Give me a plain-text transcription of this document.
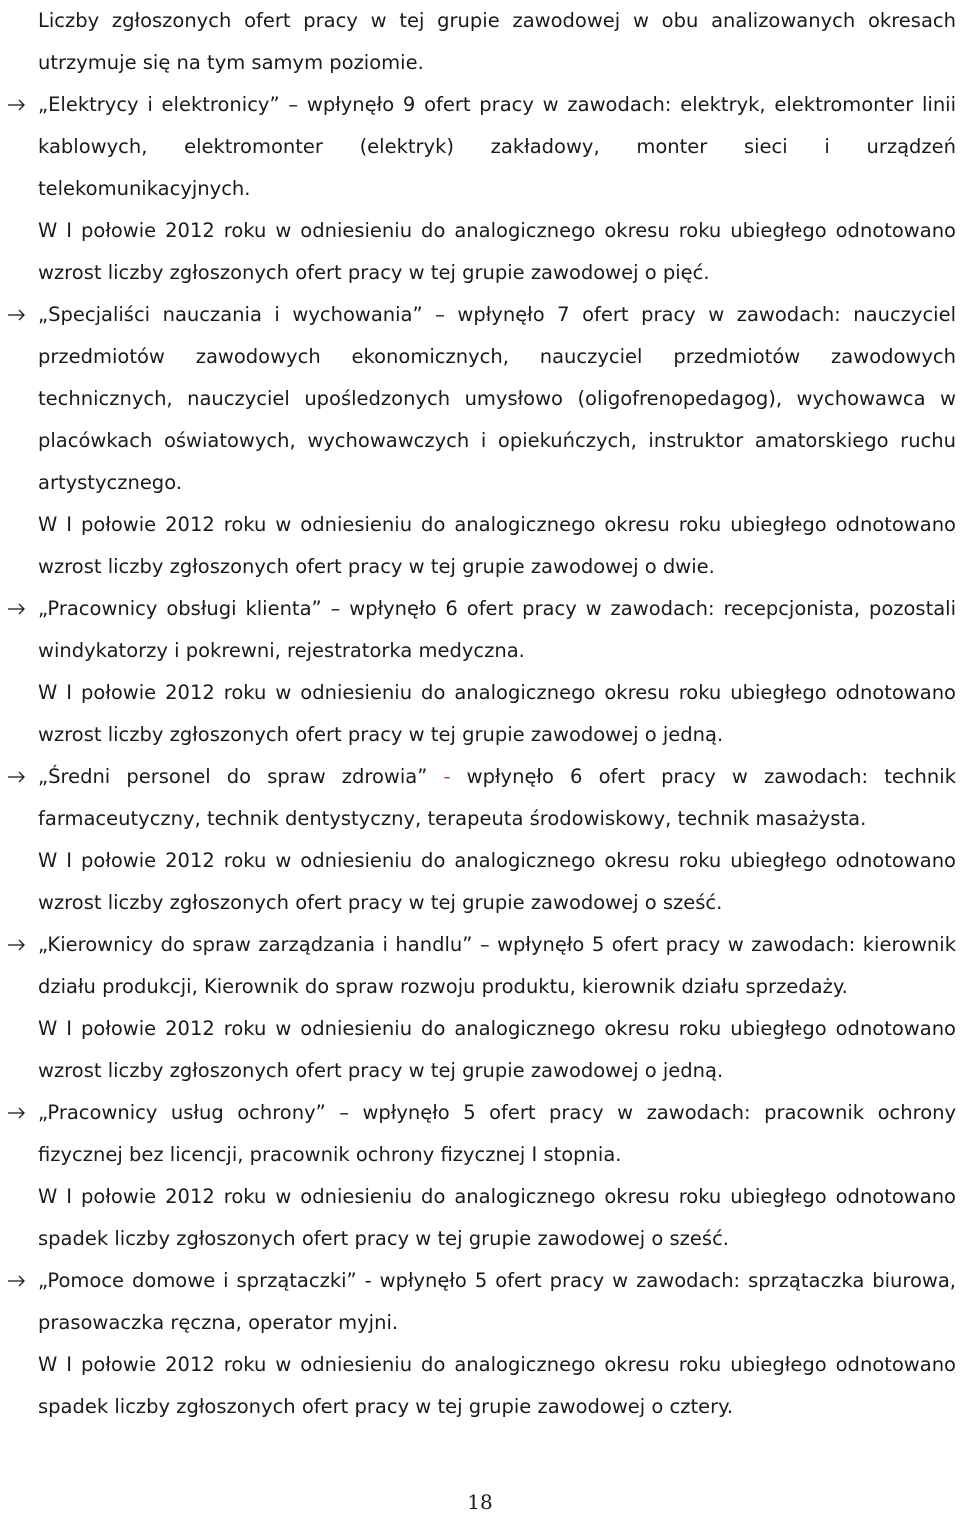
Liczby zgłoszonych ofert pracy w tej grupie zawodowej w obu analizowanych okresach utrzymuje się na tym samym poziomie.

„Elektrycy i elektronicy” – wpłynęło 9 ofert pracy w zawodach: elektryk, elektromonter linii kablowych, elektromonter (elektryk) zakładowy, monter sieci i urządzeń telekomunikacyjnych.

W I połowie 2012 roku w odniesieniu do analogicznego okresu roku ubiegłego odnotowano wzrost liczby zgłoszonych ofert pracy w tej grupie zawodowej o pięć.

„Specjaliści nauczania i wychowania” – wpłynęło 7 ofert pracy w zawodach: nauczyciel przedmiotów zawodowych ekonomicznych, nauczyciel przedmiotów zawodowych technicznych, nauczyciel upośledzonych umysłowo (oligofrenopedagog), wychowawca w placówkach oświatowych, wychowawczych i opiekuńczych, instruktor amatorskiego ruchu artystycznego.

W I połowie 2012 roku w odniesieniu do analogicznego okresu roku ubiegłego odnotowano wzrost liczby zgłoszonych ofert pracy w tej grupie zawodowej o dwie.

„Pracownicy obsługi klienta” – wpłynęło 6 ofert pracy w zawodach: recepcjonista, pozostali windykatorzy i pokrewni, rejestratorka medyczna.

W I połowie 2012 roku w odniesieniu do analogicznego okresu roku ubiegłego odnotowano wzrost liczby zgłoszonych ofert pracy w tej grupie zawodowej o jedną.

„Średni personel do spraw zdrowia” - wpłynęło 6 ofert pracy w zawodach: technik farmaceutyczny, technik dentystyczny, terapeuta środowiskowy, technik masażysta.

W I połowie 2012 roku w odniesieniu do analogicznego okresu roku ubiegłego odnotowano wzrost liczby zgłoszonych ofert pracy w tej grupie zawodowej o sześć.

„Kierownicy do spraw zarządzania i handlu” – wpłynęło 5 ofert pracy w zawodach: kierownik działu produkcji, Kierownik do spraw rozwoju produktu, kierownik działu sprzedaży.

W I połowie 2012 roku w odniesieniu do analogicznego okresu roku ubiegłego odnotowano wzrost liczby zgłoszonych ofert pracy w tej grupie zawodowej o jedną.

„Pracownicy usług ochrony” – wpłynęło 5 ofert pracy w zawodach: pracownik ochrony fizycznej bez licencji, pracownik ochrony fizycznej I stopnia.

W I połowie 2012 roku w odniesieniu do analogicznego okresu roku ubiegłego odnotowano spadek liczby zgłoszonych ofert pracy w tej grupie zawodowej o sześć.

„Pomoce domowe i sprzątaczki” - wpłynęło 5 ofert pracy w zawodach: sprzątaczka biurowa, prasowaczka ręczna, operator myjni.

W I połowie 2012 roku w odniesieniu do analogicznego okresu roku ubiegłego odnotowano spadek liczby zgłoszonych ofert pracy w tej grupie zawodowej o cztery.

18
